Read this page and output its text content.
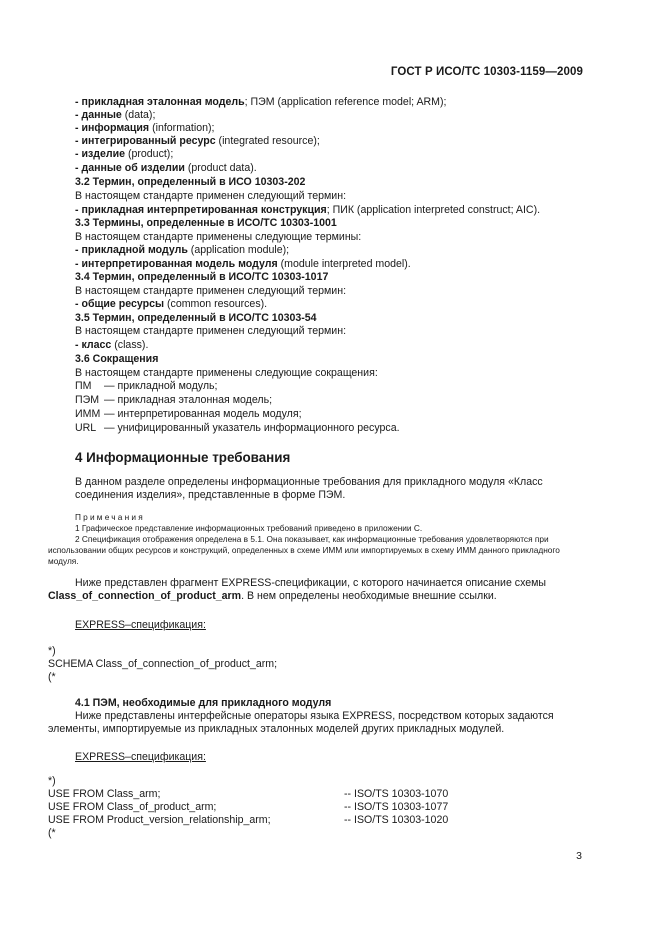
ГОСТ Р ИСО/ТС 10303-1159—2009
- прикладная эталонная модель; ПЭМ (application reference model; ARM);
- данные (data);
- информация (information);
- интегрированный ресурс (integrated resource);
- изделие (product);
- данные об изделии (product data).
3.2 Термин, определенный в ИСО 10303-202
В настоящем стандарте применен следующий термин:
- прикладная интерпретированная конструкция; ПИК (application interpreted construct; AIC).
3.3 Термины, определенные в ИСО/ТС 10303-1001
В настоящем стандарте применены следующие термины:
- прикладной модуль (application module);
- интерпретированная модель модуля (module interpreted model).
3.4 Термин, определенный в ИСО/ТС 10303-1017
В настоящем стандарте применен следующий термин:
- общие ресурсы (common resources).
3.5 Термин, определенный в ИСО/ТС 10303-54
В настоящем стандарте применен следующий термин:
- класс (class).
3.6 Сокращения
В настоящем стандарте применены следующие сокращения:
ПМ — прикладной модуль;
ПЭМ — прикладная эталонная модель;
ИММ — интерпретированная модель модуля;
URL — унифицированный указатель информационного ресурса.
4 Информационные требования
В данном разделе определены информационные требования для прикладного модуля «Класс соединения изделия», представленные в форме ПЭМ.
Примечания
1 Графическое представление информационных требований приведено в приложении С.
2 Спецификация отображения определена в 5.1. Она показывает, как информационные требования удовлетворяются при использовании общих ресурсов и конструкций, определенных в схеме ИММ или импортируемых в схему ИММ данного прикладного модуля.
Ниже представлен фрагмент EXPRESS-спецификации, с которого начинается описание схемы Class_of_connection_of_product_arm. В нем определены необходимые внешние ссылки.
EXPRESS–спецификация:
*)
SCHEMA Class_of_connection_of_product_arm;
(*
4.1 ПЭМ, необходимые для прикладного модуля
Ниже представлены интерфейсные операторы языка EXPRESS, посредством которых задаются элементы, импортируемые из прикладных эталонных моделей других прикладных модулей.
EXPRESS–спецификация:
*)
USE FROM Class_arm;	-- ISO/TS 10303-1070
USE FROM Class_of_product_arm;	-- ISO/TS 10303-1077
USE FROM Product_version_relationship_arm;	-- ISO/TS 10303-1020
(*
3
